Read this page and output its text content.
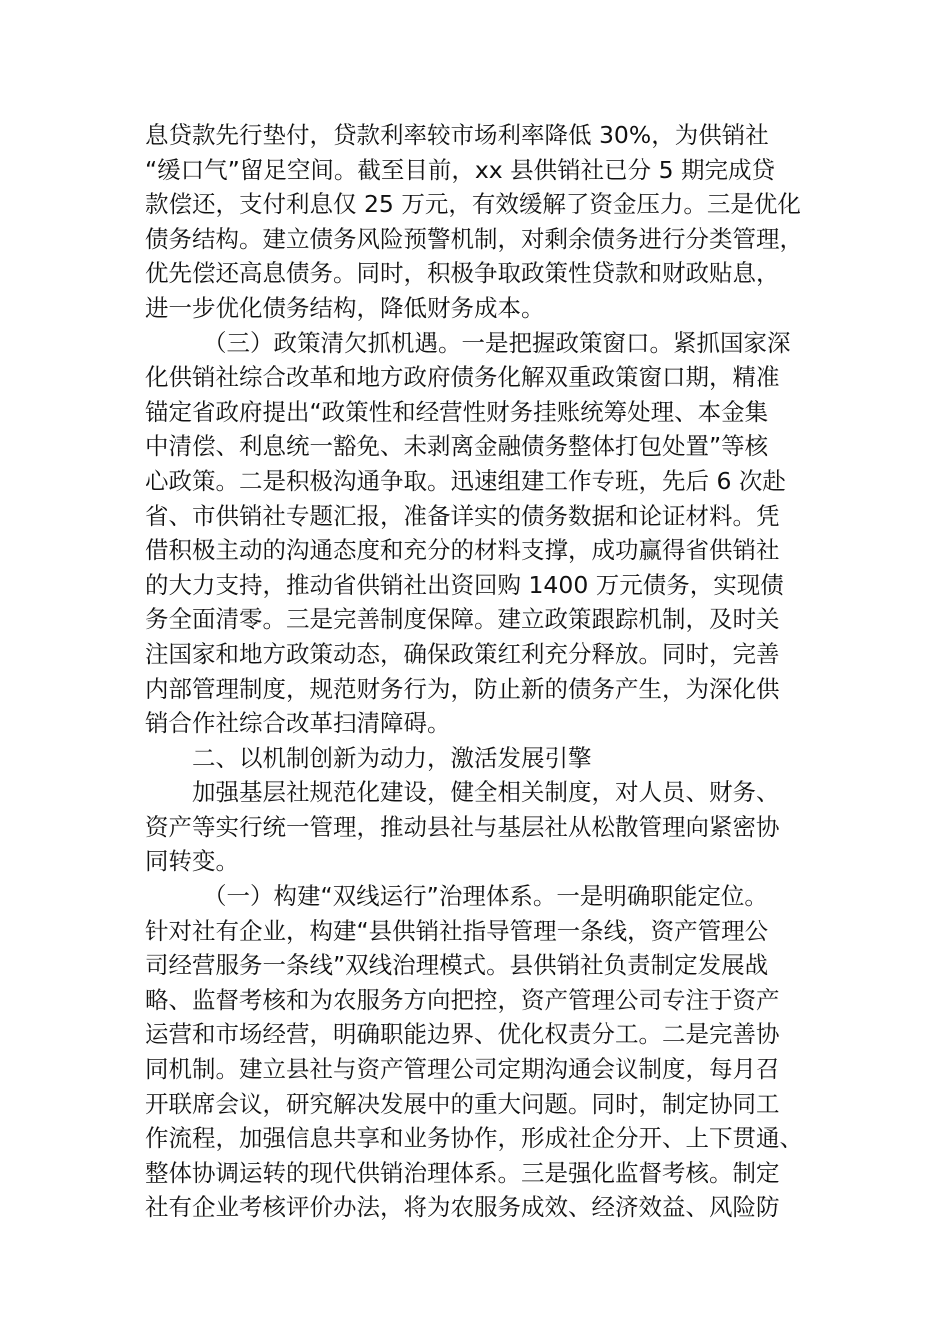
息贷款先行垫付，贷款利率较市场利率降低 30%，为供销社
“缓口气”留足空间。截至目前，xx 县供销社已分 5 期完成贷
款偿还，支付利息仅 25 万元，有效缓解了资金压力。三是优化
债务结构。建立债务风险预警机制，对剩余债务进行分类管理，
优先偿还高息债务。同时，积极争取政策性贷款和财政贴息，
进一步优化债务结构，降低财务成本。
（三）政策清欠抓机遇。一是把握政策窗口。紧抓国家深
化供销社综合改革和地方政府债务化解双重政策窗口期，精准
锚定省政府提出“政策性和经营性财务挂账统筹处理、本金集
中清偿、利息统一豁免、未剥离金融债务整体打包处置”等核
心政策。二是积极沟通争取。迅速组建工作专班，先后 6 次赴
省、市供销社专题汇报，准备详实的债务数据和论证材料。凭
借积极主动的沟通态度和充分的材料支撑，成功赢得省供销社
的大力支持，推动省供销社出资回购 1400 万元债务，实现债
务全面清零。三是完善制度保障。建立政策跟踪机制，及时关
注国家和地方政策动态，确保政策红利充分释放。同时，完善
内部管理制度，规范财务行为，防止新的债务产生，为深化供
销合作社综合改革扫清障碍。
二、以机制创新为动力，激活发展引擎
加强基层社规范化建设，健全相关制度，对人员、财务、
资产等实行统一管理，推动县社与基层社从松散管理向紧密协
同转变。
（一）构建“双线运行”治理体系。一是明确职能定位。
针对社有企业，构建“县供销社指导管理一条线，资产管理公
司经营服务一条线”双线治理模式。县供销社负责制定发展战
略、监督考核和为农服务方向把控，资产管理公司专注于资产
运营和市场经营，明确职能边界、优化权责分工。二是完善协
同机制。建立县社与资产管理公司定期沟通会议制度，每月召
开联席会议，研究解决发展中的重大问题。同时，制定协同工
作流程，加强信息共享和业务协作，形成社企分开、上下贯通、
整体协调运转的现代供销治理体系。三是强化监督考核。制定
社有企业考核评价办法，将为农服务成效、经济效益、风险防
